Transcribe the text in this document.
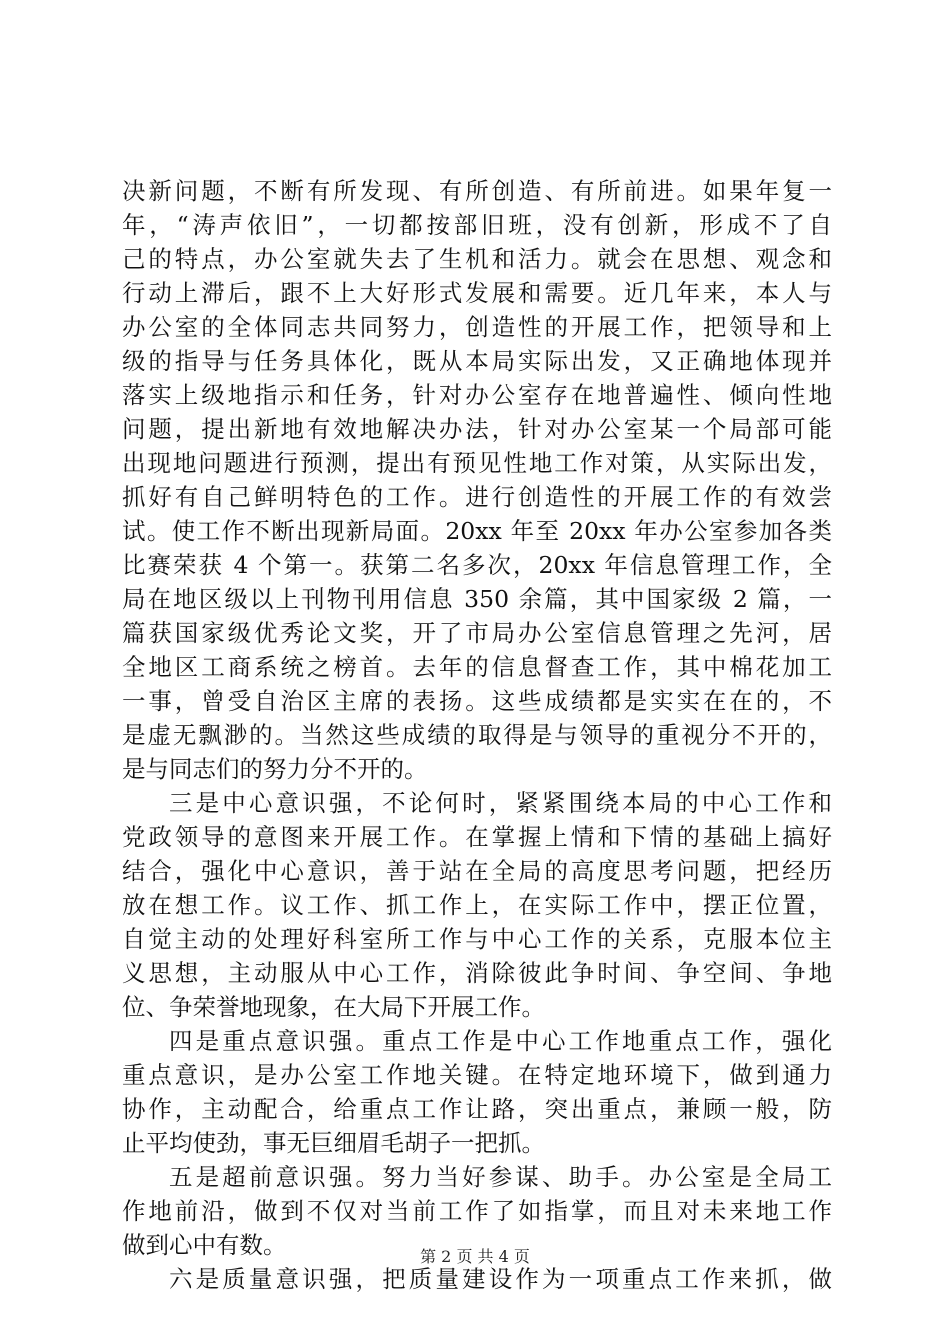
决新问题，不断有所发现、有所创造、有所前进。如果年复一
年，“涛声依旧”，一切都按部旧班，没有创新，形成不了自
己的特点，办公室就失去了生机和活力。就会在思想、观念和
行动上滞后，跟不上大好形式发展和需要。近几年来，本人与
办公室的全体同志共同努力，创造性的开展工作，把领导和上
级的指导与任务具体化，既从本局实际出发，又正确地体现并
落实上级地指示和任务，针对办公室存在地普遍性、倾向性地
问题，提出新地有效地解决办法，针对办公室某一个局部可能
出现地问题进行预测，提出有预见性地工作对策，从实际出发，
抓好有自己鲜明特色的工作。进行创造性的开展工作的有效尝
试。使工作不断出现新局面。20xx 年至 20xx 年办公室参加各类
比赛荣获 4 个第一。获第二名多次，20xx 年信息管理工作，全
局在地区级以上刊物刊用信息 350 余篇，其中国家级 2 篇，一
篇获国家级优秀论文奖，开了市局办公室信息管理之先河，居
全地区工商系统之榜首。去年的信息督查工作，其中棉花加工
一事，曾受自治区主席的表扬。这些成绩都是实实在在的，不
是虚无飘渺的。当然这些成绩的取得是与领导的重视分不开的，
是与同志们的努力分不开的。
三是中心意识强，不论何时，紧紧围绕本局的中心工作和
党政领导的意图来开展工作。在掌握上情和下情的基础上搞好
结合，强化中心意识，善于站在全局的高度思考问题，把经历
放在想工作。议工作、抓工作上，在实际工作中，摆正位置，
自觉主动的处理好科室所工作与中心工作的关系，克服本位主
义思想，主动服从中心工作，消除彼此争时间、争空间、争地
位、争荣誉地现象，在大局下开展工作。
四是重点意识强。重点工作是中心工作地重点工作，强化
重点意识，是办公室工作地关键。在特定地环境下，做到通力
协作，主动配合，给重点工作让路，突出重点，兼顾一般，防
止平均使劲，事无巨细眉毛胡子一把抓。
五是超前意识强。努力当好参谋、助手。办公室是全局工
作地前沿，做到不仅对当前工作了如指掌，而且对未来地工作
做到心中有数。
六是质量意识强，把质量建设作为一项重点工作来抓，做
第 2 页 共 4 页
